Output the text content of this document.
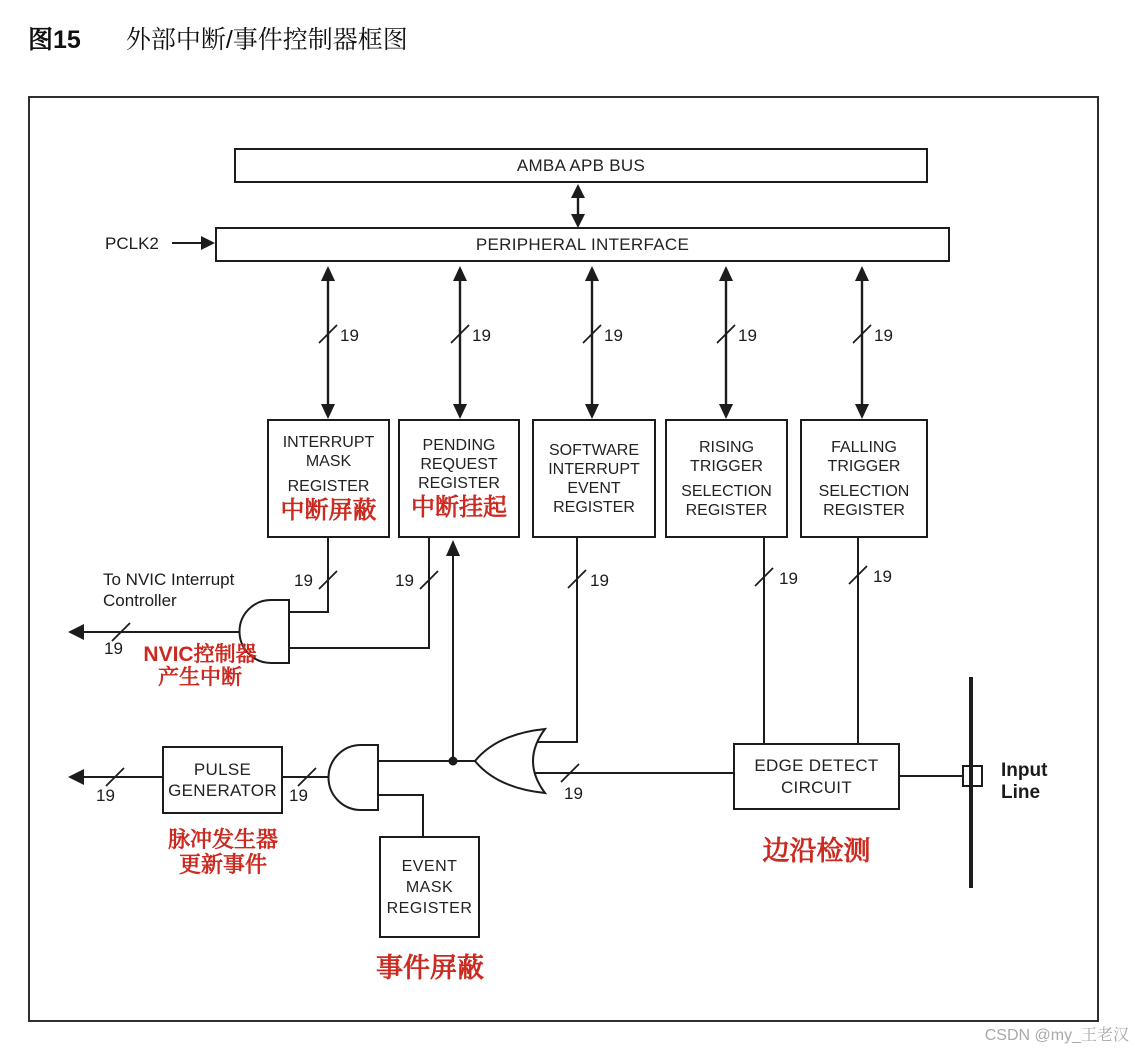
图15 外部中断/事件控制器框图
AMBA APB BUS
PCLK2	PERIPHERAL INTERFACE
INTERRUPT
MASK
REGISTER
中断屏蔽
PENDING
REQUEST
REGISTER
中断挂起
SOFTWARE
INTERRUPT
EVENT
REGISTER
RISING
TRIGGER
SELECTION
REGISTER
FALLING
TRIGGER
SELECTION
REGISTER
To NVIC Interrupt
Controller
NVIC控制器
产生中断
PULSE
GENERATOR
脉冲发生器
更新事件	EVENT
MASK
REGISTER
事件屏蔽
EDGE DETECT
CIRCUIT
边沿检测
Input
Line
19	19	19	19	19
19	19	19	19	19
19
19	19	19
CSDN @my_王老汉
